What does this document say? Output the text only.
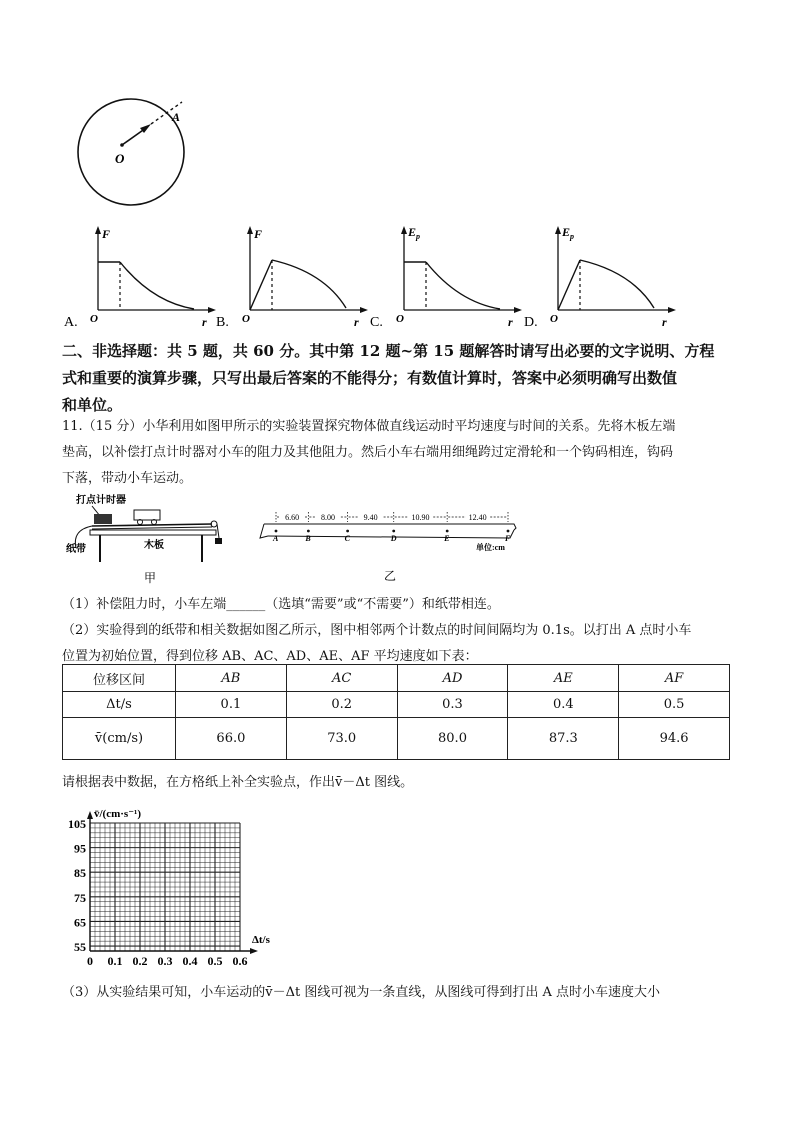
O
A
A.
F
r
O	B.
F
r
O	C.
$E_p$
r
O	D.
$E_p$
r
O
二、非选择题：共 5 题，共 60 分。其中第 12 题~第 15 题解答时请写出必要的文字说明、方程
式和重要的演算步骤，只写出最后答案的不能得分；有数值计算时，答案中必须明确写出数值
和单位。
11.（15 分）小华利用如图甲所示的实验装置探究物体做直线运动时平均速度与时间的关系。先将木板左端
垫高，以补偿打点计时器对小车的阻力及其他阻力。然后小车右端用细绳跨过定滑轮和一个钩码相连，钩码
下落，带动小车运动。
打点计时器
纸带	木板
甲
6.60	8.00	9.40	10.90	12.40
A	B	C	D	E	F
单位:cm
乙
（1）补偿阻力时，小车左端______（选填“需要”或“不需要”）和纸带相连。
（2）实验得到的纸带和相关数据如图乙所示，图中相邻两个计数点的时间间隔均为 0.1s。以打出 A 点时小车
位置为初始位置，得到位移 AB、AC、AD、AE、AF 平均速度如下表：
位移区间	AB	AC	AD	AE	AF
Δt/s	0.1	0.2	0.3	0.4	0.5
v̄(cm/s)	66.0	73.0	80.0	87.3	94.6
请根据表中数据，在方格纸上补全实验点，作出v̄－Δt 图线。
v̄/(cm·s⁻¹)
Δt/s
105
95
85
75
65
55
0 0.1 0.2 0.3 0.4 0.5 0.6
（3）从实验结果可知，小车运动的v̄－Δt 图线可视为一条直线，从图线可得到打出 A 点时小车速度大小
